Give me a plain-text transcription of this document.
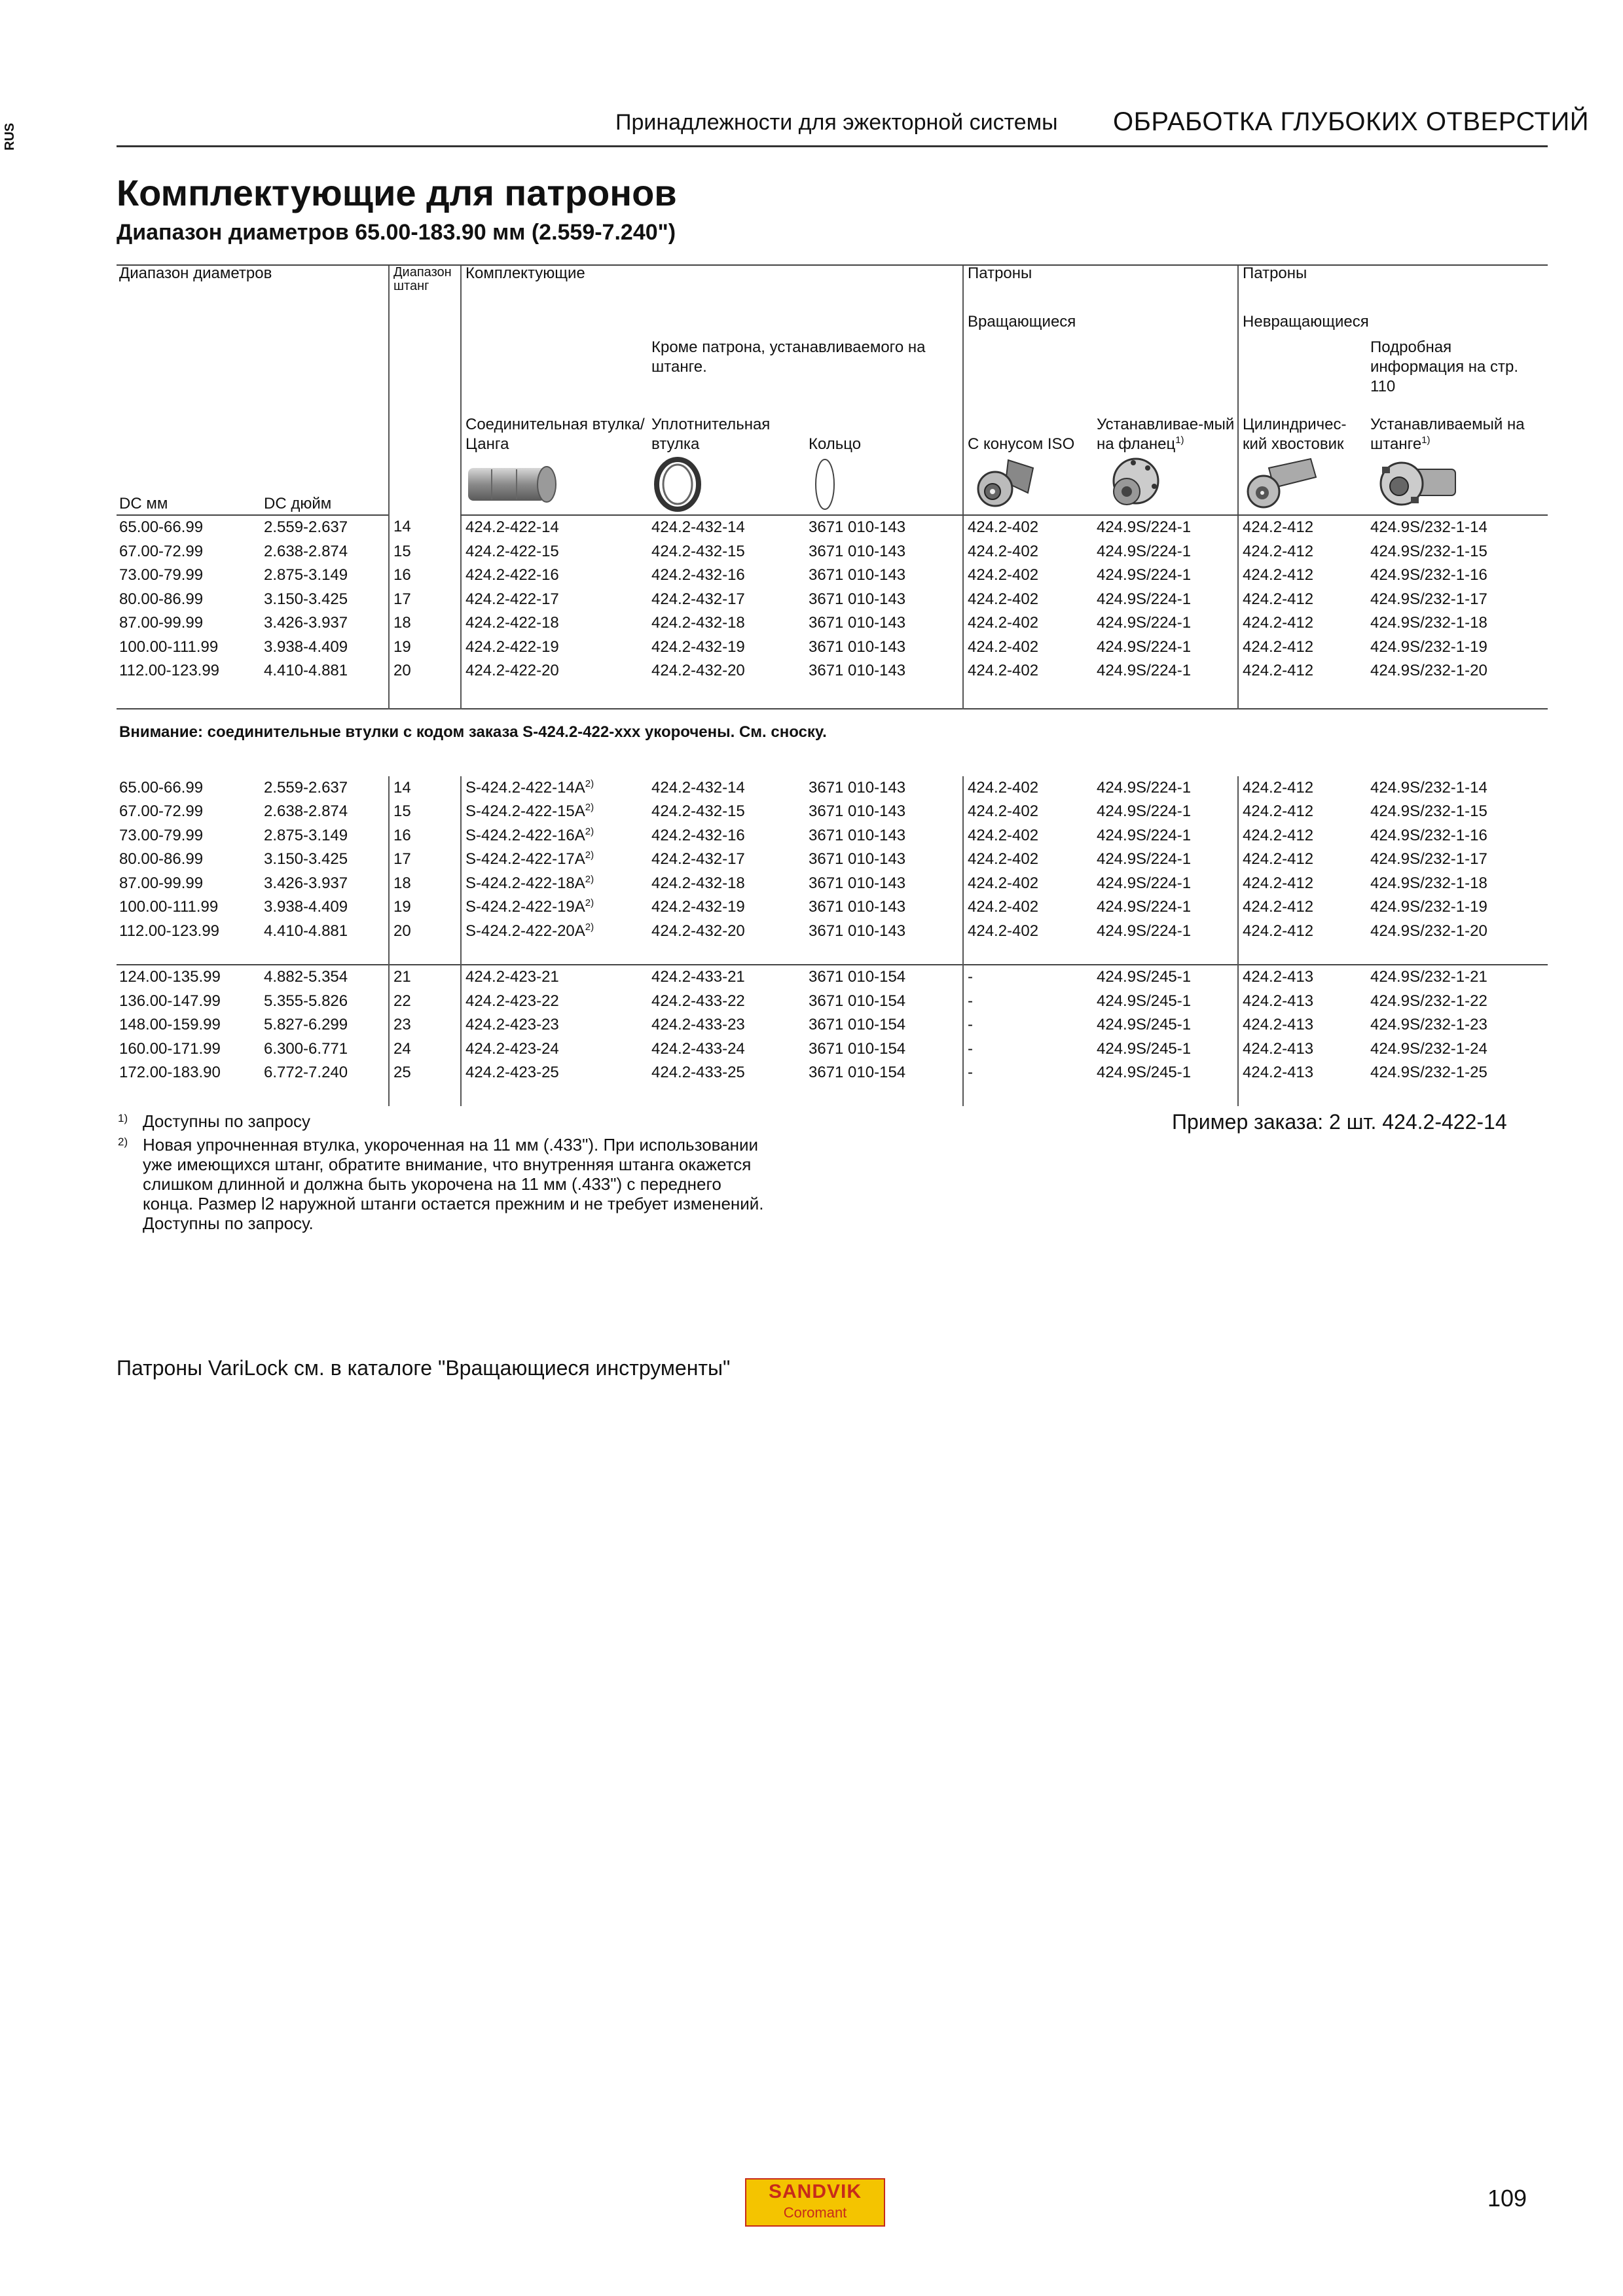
RUS
Принадлежности для эжекторной системы ОБРАБОТКА ГЛУБОКИХ ОТВЕРСТИЙ
Комплектующие для патронов
Диапазон диаметров 65.00-183.90 мм (2.559-7.240")
Диапазон диаметров		Диапазон штанг	Комплектующие			Патроны		Патроны	
						Вращающиеся		Невращающиеся	
				Кроме патрона, устанавливаемого на штанге.					Подробная информация на стр. 110
			Соединительная втулка/Цанга	Уплотнительная втулка	Кольцо	С конусом ISO	Устанавливае-мый на фланец$^{1)}$	Цилиндричес-кий хвостовик	Устанавливаемый на штанге$^{1)}$
DC мм	DC дюйм	

65.00-66.99	2.559-2.637	14	424.2-422-14	424.2-432-14	3671 010-143	424.2-402	424.9S/224-1	424.2-412	424.9S/232-1-14
67.00-72.99	2.638-2.874	15	424.2-422-15	424.2-432-15	3671 010-143	424.2-402	424.9S/224-1	424.2-412	424.9S/232-1-15
73.00-79.99	2.875-3.149	16	424.2-422-16	424.2-432-16	3671 010-143	424.2-402	424.9S/224-1	424.2-412	424.9S/232-1-16
80.00-86.99	3.150-3.425	17	424.2-422-17	424.2-432-17	3671 010-143	424.2-402	424.9S/224-1	424.2-412	424.9S/232-1-17
87.00-99.99	3.426-3.937	18	424.2-422-18	424.2-432-18	3671 010-143	424.2-402	424.9S/224-1	424.2-412	424.9S/232-1-18
100.00-111.99	3.938-4.409	19	424.2-422-19	424.2-432-19	3671 010-143	424.2-402	424.9S/224-1	424.2-412	424.9S/232-1-19
112.00-123.99	4.410-4.881	20	424.2-422-20	424.2-432-20	3671 010-143	424.2-402	424.9S/224-1	424.2-412	424.9S/232-1-20

Внимание: соединительные втулки с кодом заказа S-424.2-422-ххх укорочены. См. сноску.									

65.00-66.99	2.559-2.637	14	$S-424.2-422-14A^{2)}$	424.2-432-14	3671 010-143	424.2-402	424.9S/224-1	424.2-412	424.9S/232-1-14
67.00-72.99	2.638-2.874	15	$S-424.2-422-15A^{2)}$	424.2-432-15	3671 010-143	424.2-402	424.9S/224-1	424.2-412	424.9S/232-1-15
73.00-79.99	2.875-3.149	16	$S-424.2-422-16A^{2)}$	424.2-432-16	3671 010-143	424.2-402	424.9S/224-1	424.2-412	424.9S/232-1-16
80.00-86.99	3.150-3.425	17	$S-424.2-422-17A^{2)}$	424.2-432-17	3671 010-143	424.2-402	424.9S/224-1	424.2-412	424.9S/232-1-17
87.00-99.99	3.426-3.937	18	$S-424.2-422-18A^{2)}$	424.2-432-18	3671 010-143	424.2-402	424.9S/224-1	424.2-412	424.9S/232-1-18
100.00-111.99	3.938-4.409	19	$S-424.2-422-19A^{2)}$	424.2-432-19	3671 010-143	424.2-402	424.9S/224-1	424.2-412	424.9S/232-1-19
112.00-123.99	4.410-4.881	20	$S-424.2-422-20A^{2)}$	424.2-432-20	3671 010-143	424.2-402	424.9S/224-1	424.2-412	424.9S/232-1-20

124.00-135.99	4.882-5.354	21	424.2-423-21	424.2-433-21	3671 010-154	-	424.9S/245-1	424.2-413	424.9S/232-1-21
136.00-147.99	5.355-5.826	22	424.2-423-22	424.2-433-22	3671 010-154	-	424.9S/245-1	424.2-413	424.9S/232-1-22
148.00-159.99	5.827-6.299	23	424.2-423-23	424.2-433-23	3671 010-154	-	424.9S/245-1	424.2-413	424.9S/232-1-23
160.00-171.99	6.300-6.771	24	424.2-423-24	424.2-433-24	3671 010-154	-	424.9S/245-1	424.2-413	424.9S/232-1-24
172.00-183.90	6.772-7.240	25	424.2-423-25	424.2-433-25	3671 010-154	-	424.9S/245-1	424.2-413	424.9S/232-1-25

1) Доступны по запросу
2) Новая упрочненная втулка, укороченная на 11 мм (.433"). При использовании уже имеющихся штанг, обратите внимание, что внутренняя штанга окажется слишком длинной и должна быть укорочена на 11 мм (.433") с переднего конца. Размер l2 наружной штанги остается прежним и не требует изменений. Доступны по запросу.
Пример заказа: 2 шт. 424.2-422-14
Патроны VariLock см. в каталоге "Вращающиеся инструменты"
SANDVIK
Coromant
109
